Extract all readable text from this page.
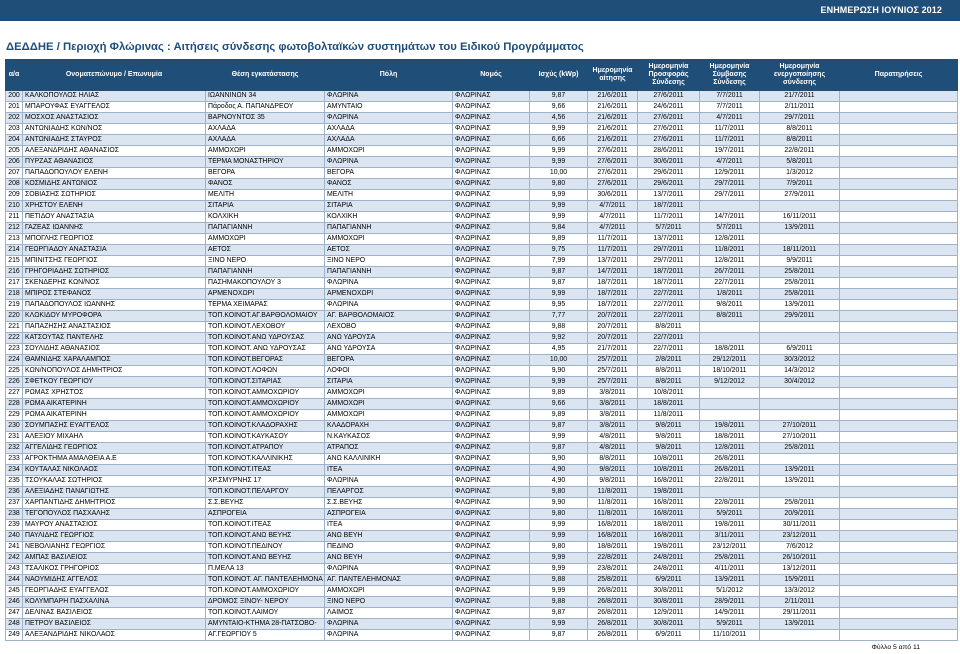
ΕΝΗΜΕΡΩΣΗ ΙΟΥΝΙΟΣ 2012
ΔΕΔΔΗΕ / Περιοχή Φλώρινας : Αιτήσεις σύνδεσης φωτοβολταϊκών συστημάτων του Ειδικού Προγράμματος
α/α	Ονοματεπώνυμο / Επωνυμία	Θέση εγκατάστασης	Πόλη	Νομός	Ισχύς (kWp)	Ημερομηνία αίτησης	Ημερομηνία Προσφοράς Σύνδεσης	Ημερομηνία Σύμβασης Σύνδεσης	Ημερομηνία ενεργοποίησης σύνδεσης	Παρατηρήσεις
200	ΚΑΛΚΟΠΟΥΛΟΣ ΗΛΙΑΣ	ΙΩΑΝΝΙΝΩΝ 34	ΦΛΩΡΙΝΑ	ΦΛΩΡΙΝΑΣ	9,87	21/6/2011	27/6/2011	7/7/2011	21/7/2011	
201	ΜΠΑΡΟΥΦΑΣ ΕΥΑΓΓΕΛΟΣ	Πάροδος Α. ΠΑΠΑΝΔΡΕΟΥ	ΑΜΥΝΤΑΙΟ	ΦΛΩΡΙΝΑΣ	9,66	21/6/2011	24/6/2011	7/7/2011	2/11/2011	
202	ΜΟΣΧΟΣ ΑΝΑΣΤΑΣΙΟΣ	ΒΑΡΝΟΥΝΤΟΣ 35	ΦΛΩΡΙΝΑ	ΦΛΩΡΙΝΑΣ	4,56	21/6/2011	27/6/2011	4/7/2011	29/7/2011	
203	ΑΝΤΩΝΙΑΔΗΣ ΚΩΝ/ΝΟΣ	ΑΧΛΑΔΑ	ΑΧΛΑΔΑ	ΦΛΩΡΙΝΑΣ	9,99	21/6/2011	27/6/2011	11/7/2011	8/8/2011	
204	ΑΝΤΩΝΙΑΔΗΣ ΣΤΑΥΡΟΣ	ΑΧΛΑΔΑ	ΑΧΛΑΔΑ	ΦΛΩΡΙΝΑΣ	6,66	21/6/2011	27/6/2011	11/7/2011	8/8/2011	
205	ΑΛΕΞΑΝΔΡΙΔΗΣ ΑΘΑΝΑΣΙΟΣ	ΑΜΜΟΧΩΡΙ	ΑΜΜΟΧΩΡΙ	ΦΛΩΡΙΝΑΣ	9,99	27/6/2011	28/6/2011	19/7/2011	22/8/2011	
206	ΠΥΡΖΑΣ ΑΘΑΝΑΣΙΟΣ	ΤΕΡΜΑ ΜΟΝΑΣΤΗΡΙΟΥ	ΦΛΩΡΙΝΑ	ΦΛΩΡΙΝΑΣ	9,99	27/6/2011	30/6/2011	4/7/2011	5/8/2011	
207	ΠΑΠΑΔΟΠΟΥΛΟΥ ΕΛΕΝΗ	ΒΕΓΟΡΑ	ΒΕΓΟΡΑ	ΦΛΩΡΙΝΑΣ	10,00	27/6/2011	29/6/2011	12/9/2011	1/3/2012	
208	ΚΟΣΜΙΔΗΣ ΑΝΤΩΝΙΟΣ	ΦΑΝΟΣ	ΦΑΝΟΣ	ΦΛΩΡΙΝΑΣ	9,80	27/6/2011	29/6/2011	29/7/2011	7/9/2011	
209	ΣΟΒΙΑΣΗΣ ΣΩΤΗΡΙΟΣ	ΜΕΛΙΤΗ	ΜΕΛΙΤΗ	ΦΛΩΡΙΝΑΣ	9,99	30/6/2011	13/7/2011	29/7/2011	27/9/2011	
210	ΧΡΗΣΤΟΥ ΕΛΕΝΗ	ΣΙΤΑΡΙΑ	ΣΙΤΑΡΙΑ	ΦΛΩΡΙΝΑΣ	9,99	4/7/2011	18/7/2011			
211	ΠΕΤΙΔΟΥ ΑΝΑΣΤΑΣΙΑ	ΚΟΛΧΙΚΗ	ΚΟΛΧΙΚΗ	ΦΛΩΡΙΝΑΣ	9,99	4/7/2011	11/7/2011	14/7/2011	16/11/2011	
212	ΓΑΖΕΑΣ ΙΩΑΝΝΗΣ	ΠΑΠΑΓΙΑΝΝΗ	ΠΑΠΑΓΙΑΝΝΗ	ΦΛΩΡΙΝΑΣ	9,84	4/7/2011	5/7/2011	5/7/2011	13/9/2011	
213	ΜΠΟΓΛΗΣ ΓΕΩΡΓΙΟΣ	ΑΜΜΟΧΩΡΙ	ΑΜΜΟΧΩΡΙ	ΦΛΩΡΙΝΑΣ	9,89	11/7/2011	13/7/2011	12/8/2011		
214	ΓΕΩΡΓΙΑΔΟΥ ΑΝΑΣΤΑΣΙΑ	ΑΕΤΟΣ	ΑΕΤΟΣ	ΦΛΩΡΙΝΑΣ	9,75	11/7/2011	29/7/2011	11/8/2011	18/11/2011	
215	ΜΠΙΝΙΤΣΗΣ ΓΕΩΡΓΙΟΣ	ΞΙΝΟ ΝΕΡΟ	ΞΙΝΟ ΝΕΡΟ	ΦΛΩΡΙΝΑΣ	7,99	13/7/2011	29/7/2011	12/8/2011	9/9/2011	
216	ΓΡΗΓΟΡΙΑΔΗΣ ΣΩΤΗΡΙΟΣ	ΠΑΠΑΓΙΑΝΝΗ	ΠΑΠΑΓΙΑΝΝΗ	ΦΛΩΡΙΝΑΣ	9,87	14/7/2011	18/7/2011	26/7/2011	25/8/2011	
217	ΣΚΕΝΔΕΡΗΣ ΚΩΝ/ΝΟΣ	ΠΑΣΗΜΑΚΟΠΟΥΛΟΥ 3	ΦΛΩΡΙΝΑ	ΦΛΩΡΙΝΑΣ	9,87	18/7/2011	18/7/2011	22/7/2011	25/8/2011	
218	ΜΠΙΡΟΣ ΣΤΕΦΑΝΟΣ	ΑΡΜΕΝΟΧΩΡΙ	ΑΡΜΕΝΟΧΩΡΙ	ΦΛΩΡΙΝΑΣ	9,99	18/7/2011	22/7/2011	1/8/2011	25/8/2011	
219	ΠΑΠΑΔΟΠΟΥΛΟΣ ΙΩΑΝΝΗΣ	ΤΕΡΜΑ ΧΕΙΜΑΡΑΣ	ΦΛΩΡΙΝΑ	ΦΛΩΡΙΝΑΣ	9,95	18/7/2011	22/7/2011	9/8/2011	13/9/2011	
220	ΚΛΩΚΙΔΟΥ ΜΥΡΟΦΟΡΑ	ΤΟΠ.ΚΟΙΝΟΤ.ΑΓ.ΒΑΡΘΟΛΟΜΑΙΟΥ	ΑΓ. ΒΑΡΘΟΛΟΜΑΙΟΣ	ΦΛΩΡΙΝΑΣ	7,77	20/7/2011	22/7/2011	8/8/2011	29/9/2011	
221	ΠΑΠΑΖΗΣΗΣ ΑΝΑΣΤΑΣΙΟΣ	ΤΟΠ.ΚΟΙΝΟΤ.ΛΕΧΟΒΟΥ	ΛΕΧΟΒΟ	ΦΛΩΡΙΝΑΣ	9,88	20/7/2011	8/8/2011			
222	ΚΑΤΣΟΥΤΑΣ ΠΑΝΤΕΛΗΣ	ΤΟΠ.ΚΟΙΝΟΤ.ΑΝΩ ΥΔΡΟΥΣΑΣ	ΑΝΩ ΥΔΡΟΥΣΑ	ΦΛΩΡΙΝΑΣ	9,92	20/7/2011	22/7/2011			
223	ΣΟΥΛΙΔΗΣ ΑΘΑΝΑΣΙΟΣ	ΤΟΠ.ΚΟΙΝΟΤ. ΑΝΩ ΥΔΡΟΥΣΑΣ	ΑΝΩ ΥΔΡΟΥΣΑ	ΦΛΩΡΙΝΑΣ	4,95	21/7/2011	22/7/2011	18/8/2011	6/9/2011	
224	ΘΑΜΝΙΔΗΣ ΧΑΡΑΛΑΜΠΟΣ	ΤΟΠ.ΚΟΙΝΟΤ.ΒΕΓΟΡΑΣ	ΒΕΓΟΡΑ	ΦΛΩΡΙΝΑΣ	10,00	25/7/2011	2/8/2011	29/12/2011	30/3/2012	
225	ΚΩΝ/ΝΟΠΟΥΛΟΣ ΔΗΜΗΤΡΙΟΣ	ΤΟΠ.ΚΟΙΝΟΤ.ΛΟΦΩΝ	ΛΟΦΟΙ	ΦΛΩΡΙΝΑΣ	9,90	25/7/2011	8/8/2011	18/10/2011	14/3/2012	
226	ΣΦΕΤΚΟΥ ΓΕΩΡΓΙΟΥ	ΤΟΠ.ΚΟΙΝΟΤ.ΣΙΤΑΡΙΑΣ	ΣΙΤΑΡΙΑ	ΦΛΩΡΙΝΑΣ	9,99	25/7/2011	8/8/2011	9/12/2012	30/4/2012	
227	ΡΩΜΑΣ ΧΡΗΣΤΟΣ	ΤΟΠ.ΚΟΙΝΟΤ.ΑΜΜΟΧΩΡΙΟΥ	ΑΜΜΟΧΩΡΙ	ΦΛΩΡΙΝΑΣ	9,89	3/8/2011	10/8/2011			
228	ΡΩΜΑ ΑΙΚΑΤΕΡΙΝΗ	ΤΟΠ.ΚΟΙΝΟΤ.ΑΜΜΟΧΩΡΙΟΥ	ΑΜΜΟΧΩΡΙ	ΦΛΩΡΙΝΑΣ	9,66	3/8/2011	18/8/2011			
229	ΡΩΜΑ ΑΙΚΑΤΕΡΙΝΗ	ΤΟΠ.ΚΟΙΝΟΤ.ΑΜΜΟΧΩΡΙΟΥ	ΑΜΜΟΧΩΡΙ	ΦΛΩΡΙΝΑΣ	9,89	3/8/2011	11/8/2011			
230	ΣΟΥΜΠΑΣΗΣ ΕΥΑΓΓΕΛΟΣ	ΤΟΠ.ΚΟΙΝΟΤ.ΚΛΑΔΟΡΑΧΗΣ	ΚΛΑΔΟΡΑΧΗ	ΦΛΩΡΙΝΑΣ	9,87	3/8/2011	9/8/2011	19/8/2011	27/10/2011	
231	ΑΛΕΞΙΟΥ ΜΙΧΑΗΛ	ΤΟΠ.ΚΟΙΝΟΤ.ΚΑΥΚΑΣΟΥ	Ν.ΚΑΥΚΑΣΟΣ	ΦΛΩΡΙΝΑΣ	9,99	4/8/2011	9/8/2011	18/8/2011	27/10/2011	
232	ΑΓΓΕΛΙΔΗΣ ΓΕΩΡΓΙΟΣ	ΤΟΠ.ΚΟΙΝΟΤ.ΑΤΡΑΠΟΥ	ΑΤΡΑΠΟΣ	ΦΛΩΡΙΝΑΣ	9,87	4/8/2011	9/8/2011	12/8/2011	25/8/2011	
233	ΑΓΡΟΚΤΗΜΑ ΑΜΑΛΘΕΙΑ Α.Ε	ΤΟΠ.ΚΟΙΝΟΤ.ΚΑΛΛΙΝΙΚΗΣ	ΑΝΩ ΚΑΛΛΙΝΙΚΗ	ΦΛΩΡΙΝΑΣ	9,90	8/8/2011	10/8/2011	26/8/2011		
234	ΚΟΥΤΑΛΑΣ ΝΙΚΟΛΑΟΣ	ΤΟΠ.ΚΟΙΝΟΤ.ΙΤΕΑΣ	ΙΤΕΑ	ΦΛΩΡΙΝΑΣ	4,90	9/8/2011	10/8/2011	26/8/2011	13/9/2011	
235	ΤΣΟΥΚΑΛΑΣ ΣΩΤΗΡΙΟΣ	ΧΡ.ΣΜΥΡΝΗΣ 17	ΦΛΩΡΙΝΑ	ΦΛΩΡΙΝΑΣ	4,90	9/8/2011	16/8/2011	22/8/2011	13/9/2011	
236	ΑΛΕΞΙΑΔΗΣ ΠΑΝΑΓΙΩΤΗΣ	ΤΟΠ.ΚΟΙΝΟΤ.ΠΕΛΑΡΓΟΥ	ΠΕΛΑΡΓΟΣ	ΦΛΩΡΙΝΑΣ	9,80	11/8/2011	19/8/2011			
237	ΧΑΡΠΑΝΤΙΔΗΣ ΔΗΜΗΤΡΙΟΣ	Σ.Σ.ΒΕΥΗΣ	Σ.Σ.ΒΕΥΗΣ	ΦΛΩΡΙΝΑΣ	9,90	11/8/2011	16/8/2011	22/8/2011	25/8/2011	
238	ΤΕΓΟΠΟΥΛΟΣ ΠΑΣΧΑΛΗΣ	ΑΣΠΡΟΓΕΙΑ	ΑΣΠΡΟΓΕΙΑ	ΦΛΩΡΙΝΑΣ	9,80	11/8/2011	16/8/2011	5/9/2011	20/9/2011	
239	ΜΑΥΡΟΥ ΑΝΑΣΤΑΣΙΟΣ	ΤΟΠ.ΚΟΙΝΟΤ.ΙΤΕΑΣ	ΙΤΕΑ	ΦΛΩΡΙΝΑΣ	9,99	16/8/2011	18/8/2011	19/8/2011	30/11/2011	
240	ΠΑΥΛΙΔΗΣ ΓΕΩΡΓΙΟΣ	ΤΟΠ.ΚΟΙΝΟΤ.ΑΝΩ ΒΕΥΗΣ	ΑΝΩ ΒΕΥΗ	ΦΛΩΡΙΝΑΣ	9,99	16/8/2011	16/8/2011	3/11/2011	23/12/2011	
241	ΝΕΒΟΛΙΑΝΗΣ ΓΕΩΡΓΙΟΣ	ΤΟΠ.ΚΟΙΝΟΤ.ΠΕΔΙΝΟΥ	ΠΕΔΙΝΟ	ΦΛΩΡΙΝΑΣ	9,80	18/8/2011	19/8/2011	23/12/2011	7/6/2012	
242	ΑΜΠΑΣ ΒΑΣΙΛΕΙΟΣ	ΤΟΠ.ΚΟΙΝΟΤ.ΑΝΩ ΒΕΥΗΣ	ΑΝΩ ΒΕΥΗ	ΦΛΩΡΙΝΑΣ	9,99	22/8/2011	24/8/2011	25/8/2011	26/10/2011	
243	ΤΣΑΛΙΚΟΣ ΓΡΗΓΟΡΙΟΣ	Π.ΜΕΛΑ 13	ΦΛΩΡΙΝΑ	ΦΛΩΡΙΝΑΣ	9,99	23/8/2011	24/8/2011	4/11/2011	13/12/2011	
244	ΝΑΟΥΜΙΔΗΣ ΑΓΓΕΛΟΣ	ΤΟΠ.ΚΟΙΝΟΤ. ΑΓ. ΠΑΝΤΕΛΕΗΜΟΝΑ	ΑΓ. ΠΑΝΤΕΛΕΗΜΟΝΑΣ	ΦΛΩΡΙΝΑΣ	9,88	25/8/2011	6/9/2011	13/9/2011	15/9/2011	
245	ΓΕΩΡΓΙΑΔΗΣ ΕΥΑΓΓΕΛΟΣ	ΤΟΠ.ΚΟΙΝΟΤ.ΑΜΜΟΧΩΡΙΟΥ	ΑΜΜΟΧΩΡΙ	ΦΛΩΡΙΝΑΣ	9,99	26/8/2011	30/8/2011	5/1/2012	13/3/2012	
246	ΚΟΛΥΜΠΑΡΗ ΠΑΣΧΑΛΙΝΑ	ΔΡΟΜΟΣ ΞΙΝΟΥ- ΝΕΡΟΥ	ΞΙΝΟ ΝΕΡΟ	ΦΛΩΡΙΝΑΣ	9,88	26/8/2011	30/8/2011	28/9/2011	2/11/2011	
247	ΔΕΛΙΝΑΣ ΒΑΣΙΛΕΙΟΣ	ΤΟΠ.ΚΟΙΝΟΤ.ΛΑΙΜΟΥ	ΛΑΙΜΟΣ	ΦΛΩΡΙΝΑΣ	9,87	26/8/2011	12/9/2011	14/9/2011	29/11/2011	
248	ΠΕΤΡΟΥ ΒΑΣΙΛΕΙΟΣ	ΑΜΥΝΤΑΙΟ-ΚΤΗΜΑ 28-ΠΑΤΣΟΒΟ-	ΦΛΩΡΙΝΑ	ΦΛΩΡΙΝΑΣ	9,99	26/8/2011	30/8/2011	5/9/2011	13/9/2011	
249	ΑΛΕΞΑΝΔΡΙΔΗΣ ΝΙΚΟΛΑΟΣ	ΑΓ.ΓΕΩΡΓΙΟΥ 5	ΦΛΩΡΙΝΑ	ΦΛΩΡΙΝΑΣ	9,87	26/8/2011	6/9/2011	11/10/2011		
Φύλλο 5 από 11
